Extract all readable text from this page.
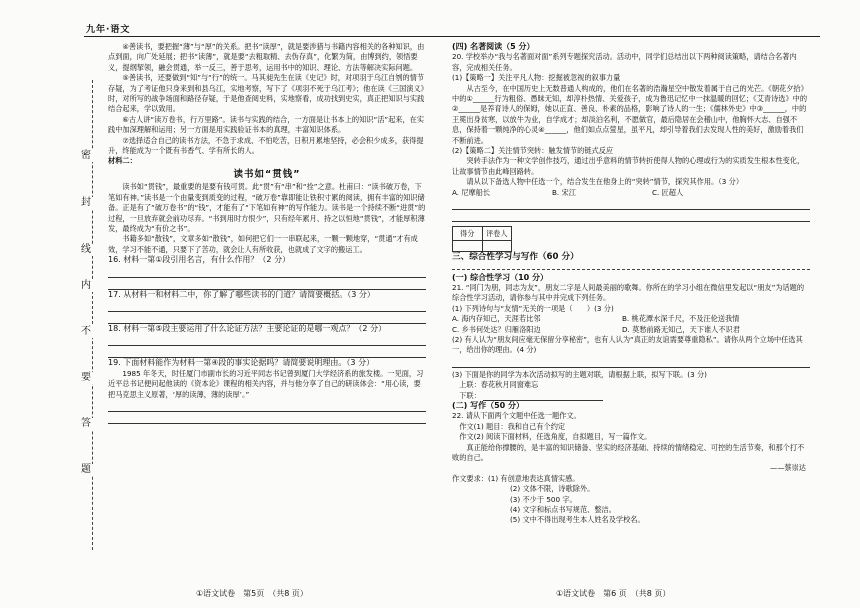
九年·语文
密
封
线
内
不
要
答
题

④善读书，要把握“薄”与“厚”的关系。把书“读厚”，就是要涉猎与书籍内容相关的各种知识，由点到面，向广处延展；把书“读薄”，就是要“去粗取精、去伪存真”，化繁为简，由博到约，领悟要义，提纲挈领，融会贯通，举一反三，善于思考，运用书中的知识、理论、方法等解决实际问题。

⑤善读书，还要做到“知”与“行”的统一。马其昶先生在读《史记》时，对项羽于乌江自刎的情节存疑，为了考证他只身来到和县乌江，实地考察，写下了《项羽不死于乌江考》；他在读《三国演义》时，对所写的战争场面和路径存疑，于是他查阅史料，实地察看，成功找到史实，真正把知识与实践结合起来，学以致用。

⑥古人讲“读万卷书，行万里路”。读书与实践的结合，一方面是让书本上的知识“活”起来，在实践中加深理解和运用；另一方面是用实践验证书本的真理，丰富知识体系。

⑦选择适合自己的读书方法，不急于求成、不怕吃苦，日积月累地坚持，必会积少成多，获得提升，终能成为一个既有书香气、学有所长的人。

材料二：

读书如“贯钱”

读书如“贯钱”，最重要的是要有钱可贯。此“贯”有“串”和“拴”之意。杜甫曰：“读书破万卷，下笔如有神。”读书是一个由量变到质变的过程，“破万卷”靠即能让铁积寸累的阅读，拥有丰富的知识储备。正是有了“破万卷书”的“钱”，才能有了“下笔如有神”的写作能力。读书是一个持续不断“进贯”的过程，一旦放弃就会前功尽弃。“书到用时方恨少”，只有经年累月、持之以恒地“贯钱”，才能厚积薄发，最终成为“有价之书”。

书籍多如“散钱”，文章多如“散钱”，如何把它们一一串联起来，一颗一颗地穿，“贯通”才有成效，学习不能不通，只要下了苦功，就会让人有所收获，也就成了文字的搬运工。

16. 材料一第①段引用名言，有什么作用？（2 分）

17. 从材料一和材料二中，你了解了哪些读书的门道？请简要概括。（3 分）

18. 材料一第⑤段主要运用了什么论证方法？主要论证的是哪一观点？（2 分）

19. 下面材料能作为材料一第④段的事实论据吗？请简要说明理由。（3 分）

1985 年冬天，时任厦门市副市长的习近平同志书记曾到厦门大学经济系的旅发楼。一见面，习近平总书记便问起他读的《资本论》课程的相关内容，并与他分享了自己的研读体会：“用心读，要把马克思主义原著，‘厚的读薄，薄的读厚’。”

(四) 名著阅读（5 分）

20. 学校举办“我与名著面对面”系列专题探究活动。活动中，同学们总结出以下两种阅读策略，请结合名著内容，完成相关任务。

(1)【策略一】关注平凡人物：挖掘被忽视的叙事力量

从古至今，在中国历史上无数普通人构成的，他们在名著的浩瀚星空中散发着属于自己的光芒。《朝花夕拾》中的①______行为粗俗、愚昧无知，却淳朴热情、关爱孩子，成为鲁迅记忆中一抹温暖的回忆；《艾青诗选》中的②______是养育诗人的保姆，她以正直、善良、朴素的品格，影响了诗人的一生；《儒林外史》中③______，中的王冕出身贫寒，以放牛为业，自学成才；却淡泊名利，不愿做官，最后隐居在会稽山中，他胸怀大志、自强不息，保持着一颗纯净的心灵④______，他们如点点萤星，虽平凡，却引导着我们去发现人性的美好，激励着我们不断前进。

(2)【策略二】关注情节突转：触发情节的链式反应

突转手法作为一种文学创作技巧，通过出乎意料的情节转折使得人物的心理或行为的实质发生根本性变化，让故事情节由此峰回路转。

请从以下备选人物中任选一个，结合发生在他身上的“突转”情节，探究其作用。（3 分）

A. 尼摩船长	B. 宋江	C. 匠超人
得分	评卷人

三、综合性学习与写作（60 分）

(一) 综合性学习（10 分）

21. “同门为朋，同志为友”，朋友二字是人间最美丽的歌舞。你所在的学习小组在微信里发起以“朋友”为话题的综合性学习活动，请你参与其中并完成下列任务。

(1) 下列诗句与“友情”无关的一项是（　　）(3 分)

A. 海内存知己，天涯若比邻	B. 桃花潭水深千尺，不及汪伦送我情
C. 乡书何处达？归雁洛阳边	D. 莫愁前路无知己，天下谁人不识君

(2) 有人认为“朋友间应毫无保留分享秘密”，也有人认为“真正的友谊需要尊重隐私”。请你从两个立场中任选其一，给出你的理由。(4 分)

(3) 下面是你的同学为本次活动拟写的主题对联，请根据上联，拟写下联。(3 分)

上联：春花秋月同窗难忘

下联：

(二) 写作（50 分）

22. 请从下面两个文题中任选一题作文。

作文(1) 题目：我和自己有个约定

作文(2) 阅读下面材料，任选角度，自拟题目，写一篇作文。

真正能给你撑腰的，是丰富的知识储备、坚实的经济基础、持续的情绪稳定、可控的生活节奏，和那个打不败的自己。

——蔡崇达

作文要求：(1) 有创意地表达真情实感。

(2) 文体不限，诗歌除外。

(3) 不少于 500 字。

(4) 文字和标点书写规范、整洁。

(5) 文中不得出现考生本人姓名及学校名。

①语文试卷　第5页　（共8 页）	①语文试卷　第6 页　（共8 页）
